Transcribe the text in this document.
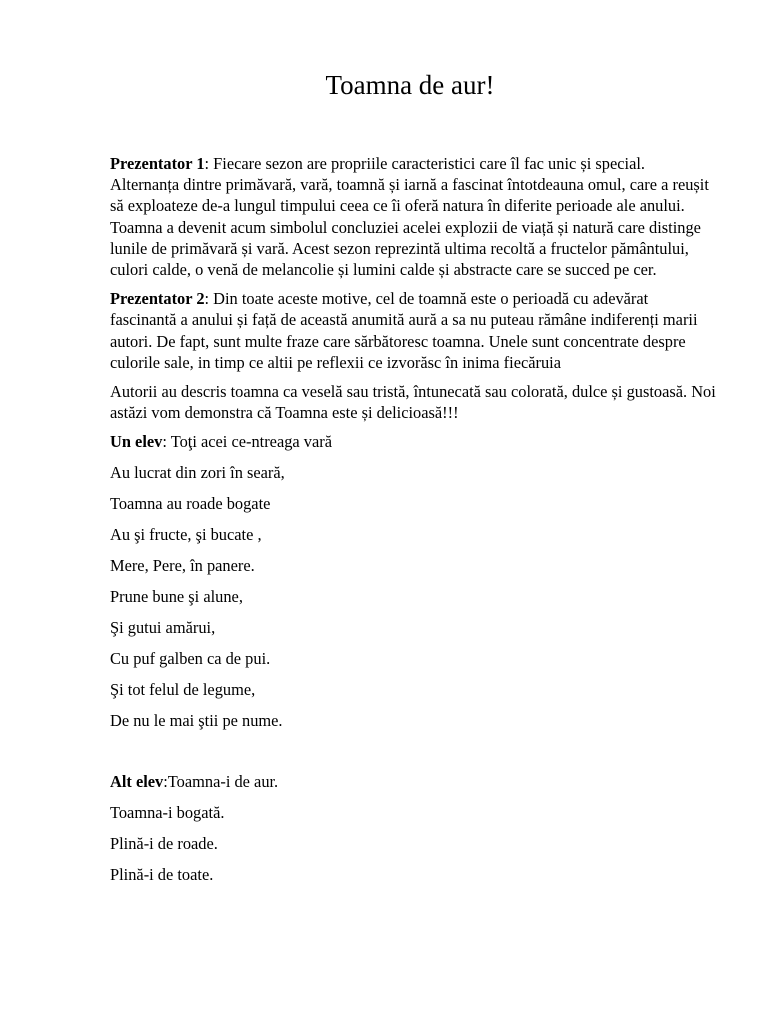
Toamna de aur!

Prezentator 1: Fiecare sezon are propriile caracteristici care îl fac unic și special. Alternanța dintre primăvară, vară, toamnă și iarnă a fascinat întotdeauna omul, care a reușit să exploateze de-a lungul timpului ceea ce îi oferă natura în diferite perioade ale anului. Toamna a devenit acum simbolul concluziei acelei explozii de viață și natură care distinge lunile de primăvară și vară. Acest sezon reprezintă ultima recoltă a fructelor pământului, culori calde, o venă de melancolie și lumini calde și abstracte care se succed pe cer.

Prezentator 2: Din toate aceste motive, cel de toamnă este o perioadă cu adevărat fascinantă a anului și față de această anumită aură a sa nu puteau rămâne indiferenți marii autori. De fapt, sunt multe fraze care sărbătoresc toamna. Unele sunt concentrate despre culorile sale, in timp ce altii pe reflexii ce izvorăsc în inima fiecăruia

Autorii au descris toamna ca veselă sau tristă, întunecată sau colorată, dulce și gustoasă. Noi astăzi vom demonstra că Toamna este și delicioasă!!!

Un elev: Toţi acei ce-ntreaga vară

Au lucrat din zori în seară,

Toamna au roade bogate

Au şi fructe, şi bucate ,

Mere, Pere, în panere.

Prune bune şi alune,

Şi gutui amărui,

Cu puf galben ca de pui.

Şi tot felul de legume,

De nu le mai ştii pe nume.

Alt elev:Toamna-i de aur.

Toamna-i bogată.

Plină-i de roade.

Plină-i de toate.
